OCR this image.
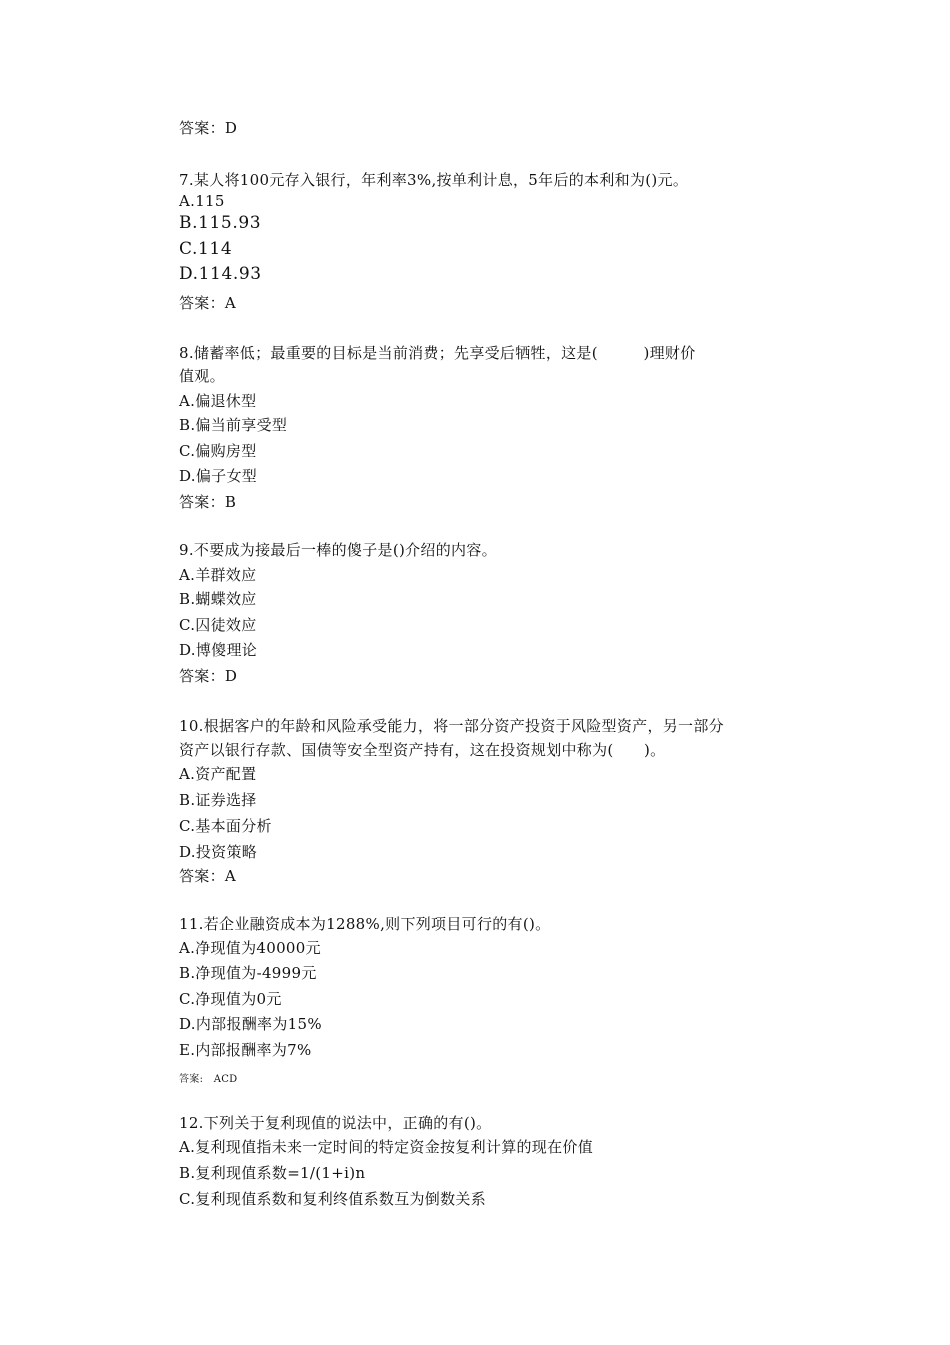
答案：D

7.某人将100元存入银行，年利率3%,按单利计息，5年后的本利和为()元。

A.115

B.115.93

C.114

D.114.93

答案：A

8.储蓄率低；最重要的目标是当前消费；先享受后牺牲，这是(         )理财价

值观。

A.偏退休型

B.偏当前享受型

C.偏购房型

D.偏子女型

答案：B

9.不要成为接最后一棒的傻子是()介绍的内容。

A.羊群效应

B.蝴蝶效应

C.囚徒效应

D.博傻理论

答案：D

10.根据客户的年龄和风险承受能力，将一部分资产投资于风险型资产，另一部分

资产以银行存款、国债等安全型资产持有，这在投资规划中称为(      )。

A.资产配置

B.证券选择

C.基本面分析

D.投资策略

答案：A

11.若企业融资成本为1288%,则下列项目可行的有()。

A.净现值为40000元

B.净现值为-4999元

C.净现值为0元

D.内部报酬率为15%

E.内部报酬率为7%

答案:   ACD

12.下列关于复利现值的说法中，正确的有()。

A.复利现值指未来一定时间的特定资金按复利计算的现在价值

B.复利现值系数=1/(1+i)n

C.复利现值系数和复利终值系数互为倒数关系
